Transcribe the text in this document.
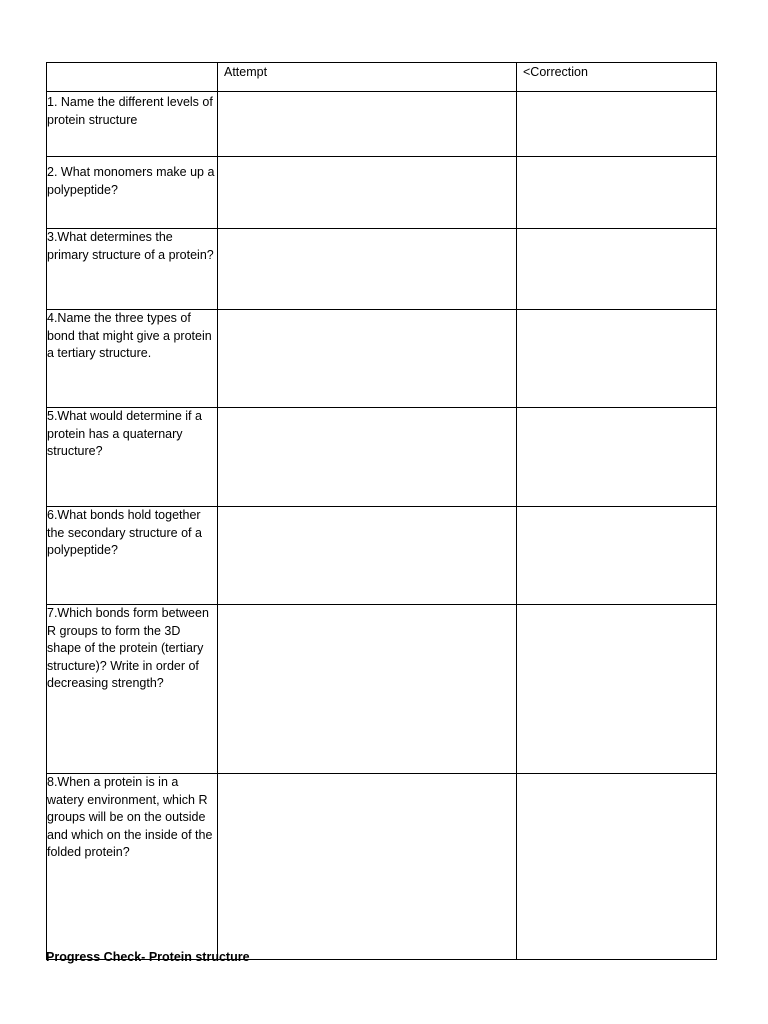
	Attempt	<Correction
1. Name the different levels of protein structure		
2. What monomers make up a polypeptide?		
3.What determines the primary structure of a protein?		
4.Name the three types of bond that might give a protein a tertiary structure.		
5.What would determine if a protein has a quaternary structure?		
6.What bonds hold together the secondary structure of a polypeptide?		
7.Which bonds form between R groups to form the 3D shape of the protein (tertiary structure)? Write in order of decreasing strength?		
8.When a protein is in a watery environment, which R groups will be on the outside and which on the inside of the folded protein?		
Progress Check- Protein structure
